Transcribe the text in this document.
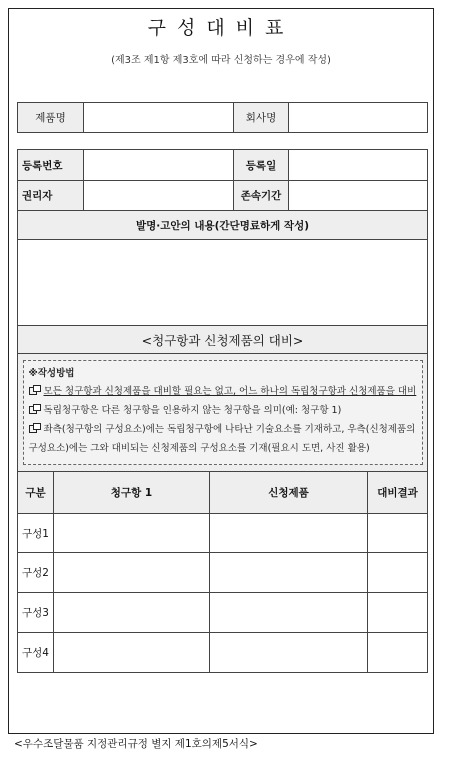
구성대비표
(제3조 제1항 제3호에 따라 신청하는 경우에 작성)
제품명		회사명	
등록번호		등록일	
권리자		존속기간	
발명·고안의 내용(간단명료하게 작성)			

<청구항과 신청제품의 대비>			

※작성방법
모든 청구항과 신청제품을 대비할 필요는 없고, 어느 하나의 독립청구항과 신청제품을 대비
독립청구항은 다른 청구항을 인용하지 않는 청구항을 의미(예: 청구항 1)
좌측(청구항의 구성요소)에는 독립청구항에 나타난 기술요소를 기재하고, 우측(신청제품의 구성요소)에는 그와 대비되는 신청제품의 구성요소를 기재(필요시 도면, 사진 활용)			

구분	청구항 1	신청제품	대비결과
구성1			
구성2			
구성3			
구성4			
<우수조달물품 지정관리규정 별지 제1호의제5서식>
